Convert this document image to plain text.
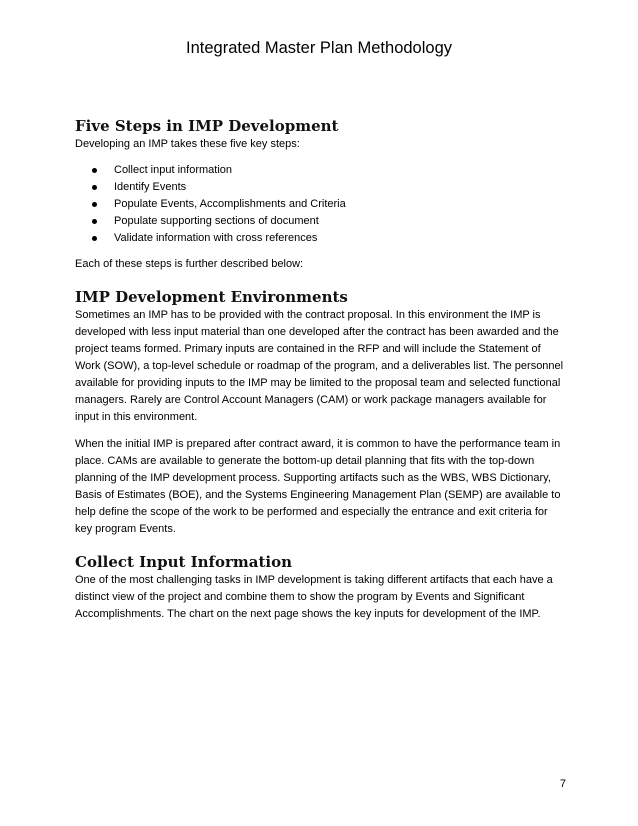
Integrated Master Plan Methodology
Five Steps in IMP Development

Developing an IMP takes these five key steps:

Collect input information
Identify Events
Populate Events, Accomplishments and Criteria
Populate supporting sections of document
Validate information with cross references

Each of these steps is further described below:

IMP Development Environments

Sometimes an IMP has to be provided with the contract proposal. In this environment the IMP is developed with less input material than one developed after the contract has been awarded and the project teams formed. Primary inputs are contained in the RFP and will include the Statement of Work (SOW), a top-level schedule or roadmap of the program, and a deliverables list. The personnel available for providing inputs to the IMP may be limited to the proposal team and selected functional managers. Rarely are Control Account Managers (CAM) or work package managers available for input in this environment.

When the initial IMP is prepared after contract award, it is common to have the performance team in place. CAMs are available to generate the bottom-up detail planning that fits with the top-down planning of the IMP development process. Supporting artifacts such as the WBS, WBS Dictionary, Basis of Estimates (BOE), and the Systems Engineering Management Plan (SEMP) are available to help define the scope of the work to be performed and especially the entrance and exit criteria for key program Events.

Collect Input Information

One of the most challenging tasks in IMP development is taking different artifacts that each have a distinct view of the project and combine them to show the program by Events and Significant Accomplishments. The chart on the next page shows the key inputs for development of the IMP.

7
